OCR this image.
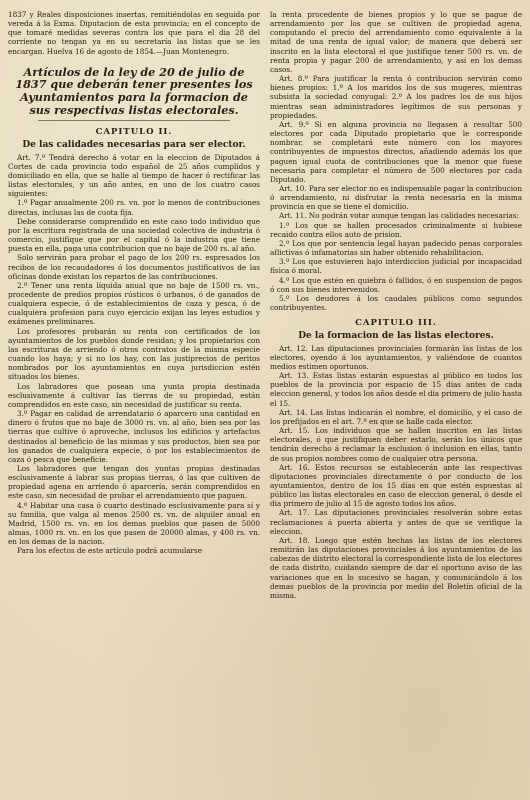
1837 y Reales disposiciones insertas, remitiéndolas en seguida por vereda á la Exma. Diputacion de esta provincia; en el concepto de que tomaré medidas severas contra los que para el dia 28 del corriente no tengan ya en su secretaría las listas que se les encargan. Huelva 16 de agosto de 1854.—Juan Montenegro.

Artículos de la ley de 20 de julio de 1837 que deberán tener presentes los Ayuntamientos para la formacion de sus respectivas listas electorales.
CAPITULO II.
De las calidades necesarias para ser elector.

Art. 7.º Tendrá derecho á votar en la eleccion de Diputados á Cortes de cada provincia todo español de 25 años cumplidos y domiciliado en ella, que se halle al tiempo de hacer ó rectificar las listas electorales, y un año antes, en uno de los cuatro casos siguientes:

1.º Pagar anualmente 200 rs. vn. por lo menos de contribuciones directas, inclusas las de cuota fija.

Debe considerarse comprendido en este caso todo individuo que por la escritura registrada de una sociedad colectiva de industria ó comercio, justifique que por el capital ó la industria que tiene puesta en ella, paga una contribucion que no baje de 200 rs. al año.

Solo servirán para probar el pago de los 200 rs. espresados los recibos de los recaudadores ó los documentos justificativos de las oficinas donde existan los repartos de las contribuciones.

2.º Tener una renta líquida anual que no baje de 1500 rs. vn., procedente de predios propios rústicos ó urbanos, ó de ganados de cualquiera especie, ó de establecimientos de caza y pesca, ó de cualquiera profesion para cuyo ejercicio exijan las leyes estudios y exámenes preliminares.

Los profesores probarán su renta con certificados de los ayuntamientos de los pueblos donde residan; y los propietarios con las escrituras de arriendo ó otros contratos de la misma especie cuando los haya; y si no los hay, con las justiprecios de peritos nombrados por los ayuntamientos en cuya jurisdiccion estén situados los bienes.

Los labradores que posean una yunta propia destinada esclusivamente á cultivar las tierras de su propiedad, están comprendidos en este caso, sin necesidad de justificar su renta.

3.º Pagar en calidad de arrendatario ó aparcero una cantidad en dinero ó frutos que no baje de 3000 rs. vn. al año, bien sea por las tierras que cultive ó aproveche, inclusos los edificios y artefactos destinados al beneficio de las mismas y sus productos, bien sea por los ganados de cualquiera especie, ó por los establecimientos de caza ó pesca que beneficie.

Los labradores que tengan dos yuntas propias destinadas esclusivamente á labrar sus propias tierras, ó las que cultiven de propiedad agena en arriendo ó aparcería, serán comprendidos en este caso, sin necesidad de probar el arrendamiento que paguen.

4.º Habitar una casa ó cuarto destinado esclusivamente para sí y su familia, que valga al menos 2500 rs. vn. de alquiler anual en Madrid, 1500 rs. vn. en los demas pueblos que pasen de 5000 almas, 1000 rs. vn. en los que pasen de 20000 almas, y 400 rs. vn. en los demas de la nacion.

Para los efectos de este artículo podrá acumularse

la renta procedente de bienes propios y lo que se pague de arrendamiento por los que se cultiven de propiedad agena, computando el precio del arrendamiento como equivalente á la mitad de una renta de igual valor; de manera que deberá ser inscrito en la lista electoral el que justifique tener 500 rs. vn. de renta propia y pagar 200 de arrendamiento, y así en los demas casos.

Art. 8.º Para justificar la renta ó contribucion servirán como bienes propios: 1.º A los maridos los de sus mugeres, mientras subsista la sociedad conyugal: 2.º A los padres los de sus hijos mientras sean administradores legítimos de sus personas y propiedades.

Art. 9.º Si en alguna provincia no llegasen á resultar 500 electores por cada Diputado propietario que le corresponde nombrar, se completará este número con los mayores contribuyentes de impuestos directos, añadiendo además los que paguen igual cuota de contribuciones que la menor que fuese necesaria para completar el número de 500 electores por cada Diputado.

Art. 10. Para ser elector no es indispensable pagar la contribucion ó arrendamiento, ni disfrutar la renta necesaria en la misma provincia en que se tiene el domicilio.

Art. 11. No podrán votar aunque tengan las calidades necesarias:

1.º Los que se hallen procesados criminalmente si hubiese recaido contra ellos auto de prision.

2.º Los que por sentencia legal hayan padecido penas corporales aflictivas ó infamatorias sin haber obtenido rehabilitacion.

3.º Los que estuvieren bajo interdiccion judicial por incapacidad física ó moral.

4.º Los que estén en quiebra ó fallidos, ó en suspension de pagos ó con sus bienes intervenidos.

5.º Los deudores á los caudales públicos como segundos contribuyentes.

CAPITULO III.
De la formacion de las listas electores.

Art. 12. Las diputaciones provinciales formarán las listas de los electores, oyendo á los ayuntamientos, y valiéndose de cuantos medios estimen oportunos.

Art. 13. Estas listas estarán espuestas al público en todos los pueblos de la provincia por espacio de 15 dias antes de cada eleccion general, y todos los años desde el dia primero de julio hasta el 15.

Art. 14. Las listas indicarán el nombre, el domicilio, y el caso de los prefijados en el art. 7.º en que se halle cada elector.

Art. 15. Los individuos que se hallen inscritos en las listas electorales, ó que justifiquen deber estarlo, serán los únicos que tendrán derecho á reclamar la esclusion ó inclusion en ellas, tanto de sus propios nombres como de cualquier otra persona.

Art. 16. Estos recursos se establecerán ante las respectivas diputaciones provinciales directamente ó por conducto de los ayuntamientos, dentro de los 15 días en que estén espuestas al público las listas electorales en caso de eleccion general, ó desde el dia primero de julio al 15 de agosto todos los años.

Art. 17. Las diputaciones provinciales resolverán sobre estas reclamaciones á puerta abierta y antes de que se verifique la eleccion.

Art. 18. Luego que estén hechas las listas de los electores remitirán las diputaciones provinciales á los ayuntamientos de las cabezas de distrito electoral la correspondiente lista de los electores de cada distrito, cuidando siempre de dar el oportuno aviso de las variaciones que en lo sucesivo se hagan, y comunicándolo á los demas pueblos de la provincia por medio del Boletín oficial de la misma.
